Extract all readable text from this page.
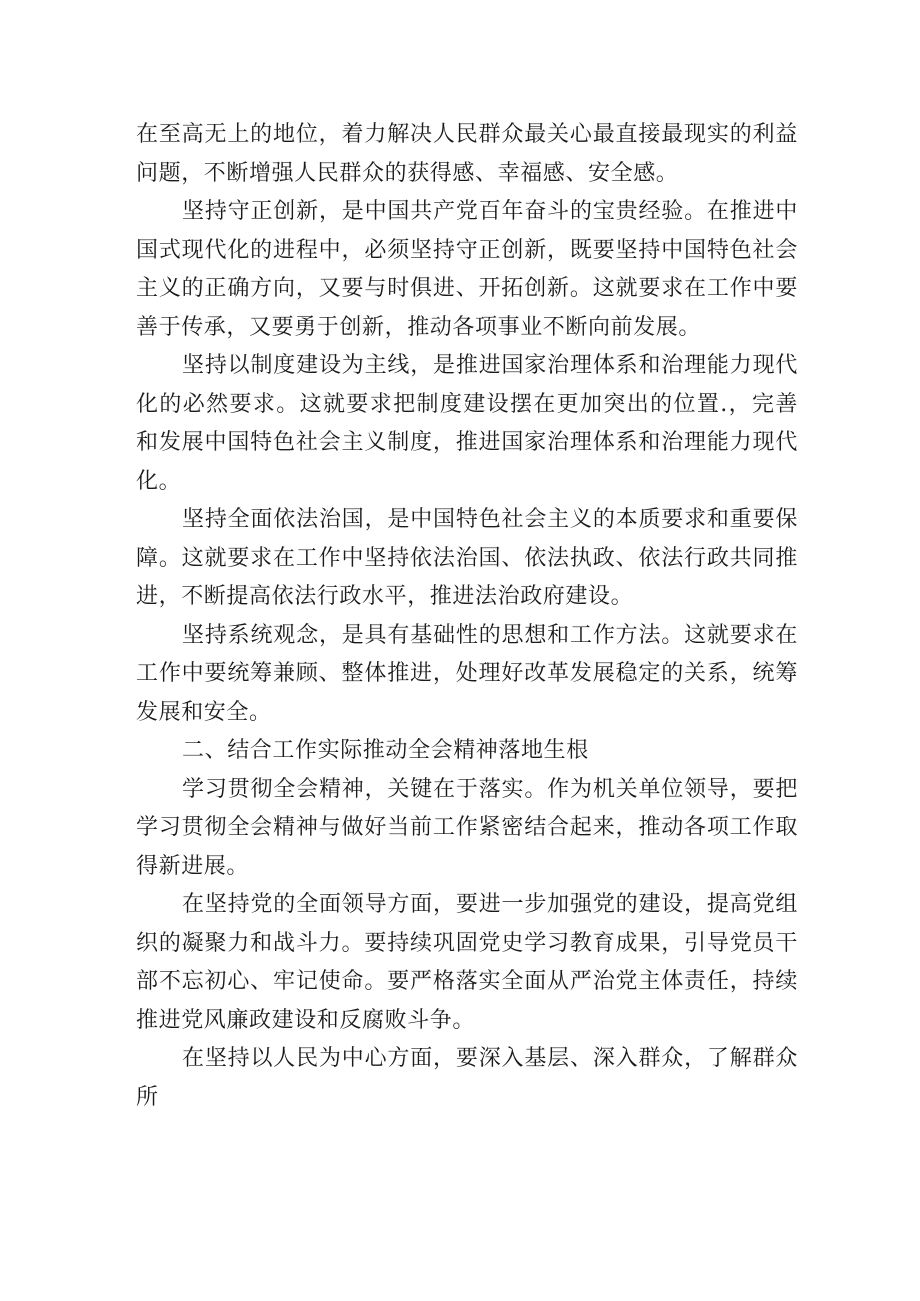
在至高无上的地位，着力解决人民群众最关心最直接最现实的利益问题，不断增强人民群众的获得感、幸福感、安全感。

坚持守正创新，是中国共产党百年奋斗的宝贵经验。在推进中国式现代化的进程中，必须坚持守正创新，既要坚持中国特色社会主义的正确方向，又要与时俱进、开拓创新。这就要求在工作中要善于传承，又要勇于创新，推动各项事业不断向前发展。

坚持以制度建设为主线，是推进国家治理体系和治理能力现代化的必然要求。这就要求把制度建设摆在更加突出的位置.，完善和发展中国特色社会主义制度，推进国家治理体系和治理能力现代化。

坚持全面依法治国，是中国特色社会主义的本质要求和重要保障。这就要求在工作中坚持依法治国、依法执政、依法行政共同推进，不断提高依法行政水平，推进法治政府建设。

坚持系统观念，是具有基础性的思想和工作方法。这就要求在工作中要统筹兼顾、整体推进，处理好改革发展稳定的关系，统筹发展和安全。

二、结合工作实际推动全会精神落地生根

学习贯彻全会精神，关键在于落实。作为机关单位领导，要把学习贯彻全会精神与做好当前工作紧密结合起来，推动各项工作取得新进展。

在坚持党的全面领导方面，要进一步加强党的建设，提高党组织的凝聚力和战斗力。要持续巩固党史学习教育成果，引导党员干部不忘初心、牢记使命。要严格落实全面从严治党主体责任，持续推进党风廉政建设和反腐败斗争。

在坚持以人民为中心方面，要深入基层、深入群众，了解群众所
